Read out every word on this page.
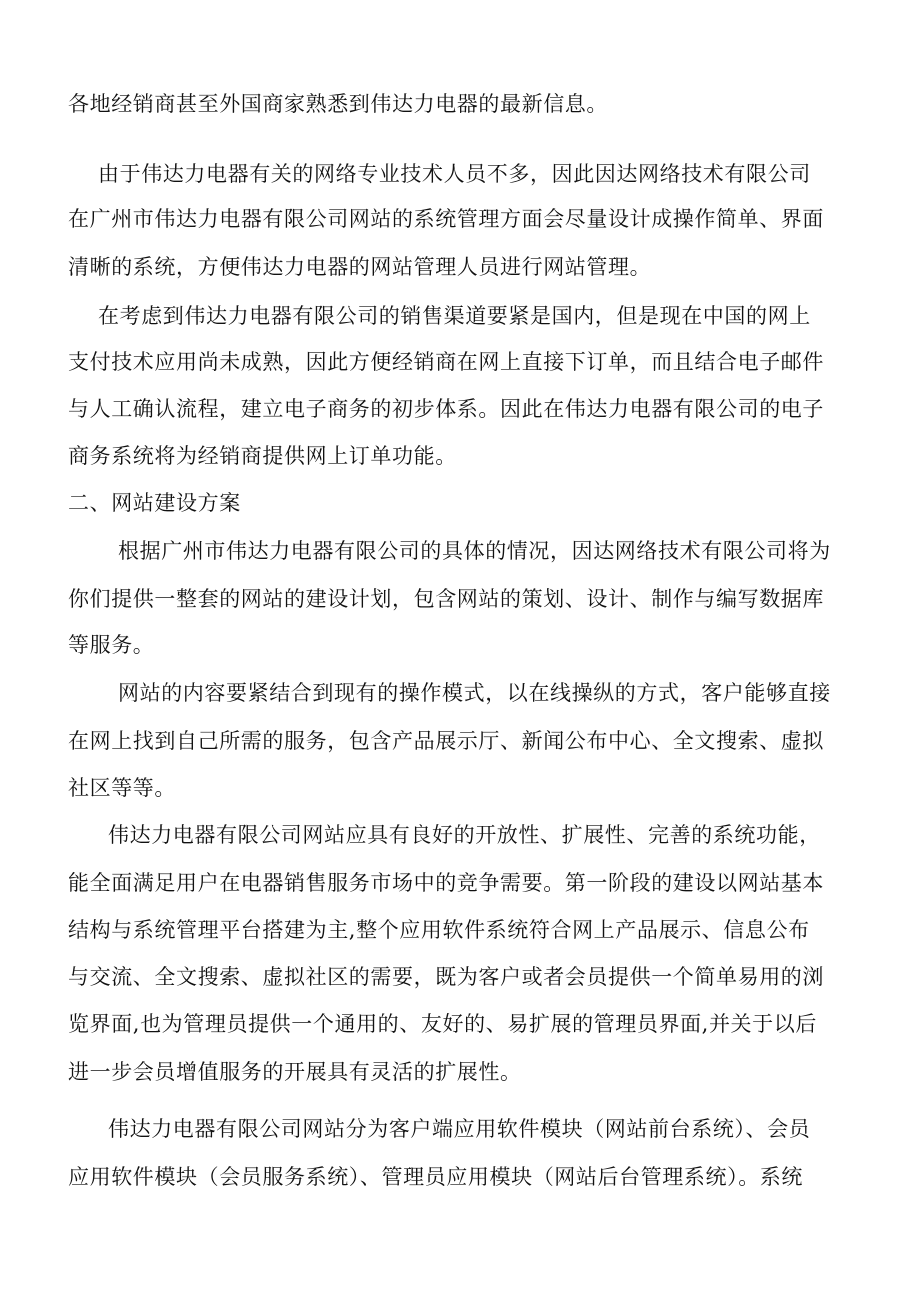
各地经销商甚至外国商家熟悉到伟达力电器的最新信息。

由于伟达力电器有关的网络专业技术人员不多，因此因达网络技术有限公司

在广州市伟达力电器有限公司网站的系统管理方面会尽量设计成操作简单、界面

清晰的系统，方便伟达力电器的网站管理人员进行网站管理。

在考虑到伟达力电器有限公司的销售渠道要紧是国内，但是现在中国的网上

支付技术应用尚未成熟，因此方便经销商在网上直接下订单，而且结合电子邮件

与人工确认流程，建立电子商务的初步体系。因此在伟达力电器有限公司的电子

商务系统将为经销商提供网上订单功能。

二、网站建设方案

根据广州市伟达力电器有限公司的具体的情况，因达网络技术有限公司将为

你们提供一整套的网站的建设计划，包含网站的策划、设计、制作与编写数据库

等服务。

网站的内容要紧结合到现有的操作模式，以在线操纵的方式，客户能够直接

在网上找到自己所需的服务，包含产品展示厅、新闻公布中心、全文搜索、虚拟

社区等等。

伟达力电器有限公司网站应具有良好的开放性、扩展性、完善的系统功能，

能全面满足用户在电器销售服务市场中的竞争需要。第一阶段的建设以网站基本

结构与系统管理平台搭建为主,整个应用软件系统符合网上产品展示、信息公布

与交流、全文搜索、虚拟社区的需要，既为客户或者会员提供一个简单易用的浏

览界面,也为管理员提供一个通用的、友好的、易扩展的管理员界面,并关于以后

进一步会员增值服务的开展具有灵活的扩展性。

伟达力电器有限公司网站分为客户端应用软件模块（网站前台系统）、会员

应用软件模块（会员服务系统）、管理员应用模块（网站后台管理系统）。系统
